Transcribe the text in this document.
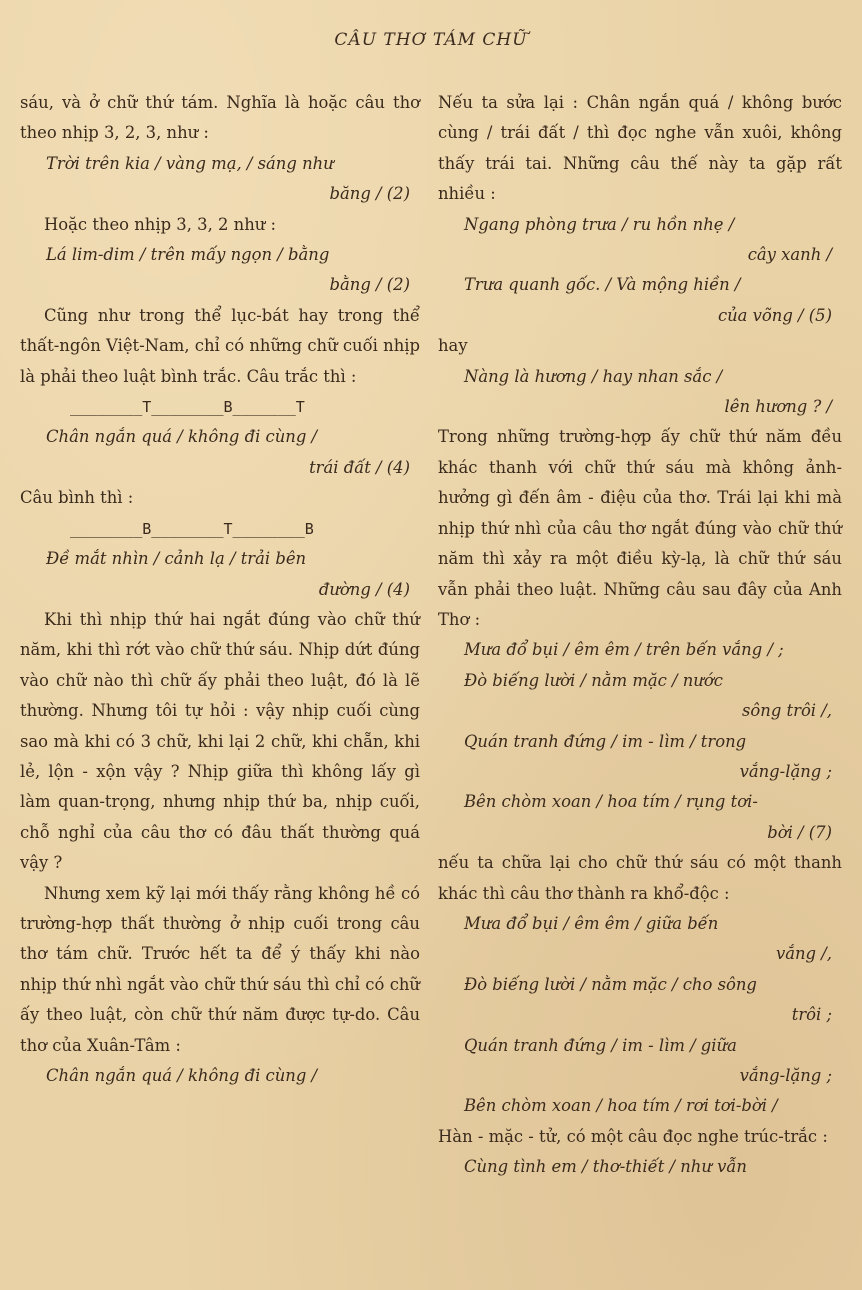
CÂU THƠ TÁM CHỮ

sáu, và ở chữ thứ tám. Nghĩa là hoặc câu thơ theo nhịp 3, 2, 3, như :

Trời trên kia / vàng mạ, / sáng như
băng / (2)

Hoặc theo nhịp 3, 3, 2 như :

Lá lim-dim / trên mấy ngọn / bằng
bằng / (2)

Cũng như trong thể lục-bát hay trong thể thất-ngôn Việt-Nam, chỉ có những chữ cuối nhịp là phải theo luật bình trắc. Câu trắc thì :

________T________B_______T

Chân ngắn quá / không đi cùng /
trái đất / (4)

Câu bình thì :

________B________T________B

Đề mắt nhìn / cảnh lạ / trải bên
đường / (4)

Khi thì nhịp thứ hai ngắt đúng vào chữ thứ năm, khi thì rớt vào chữ thứ sáu. Nhịp dứt đúng vào chữ nào thì chữ ấy phải theo luật, đó là lẽ thường. Nhưng tôi tự hỏi : vậy nhịp cuối cùng sao mà khi có 3 chữ, khi lại 2 chữ, khi chẵn, khi lẻ, lộn - xộn vậy ? Nhịp giữa thì không lấy gì làm quan-trọng, nhưng nhịp thứ ba, nhịp cuối, chỗ nghỉ của câu thơ có đâu thất thường quá vậy ?

Nhưng xem kỹ lại mới thấy rằng không hề có trường-hợp thất thường ở nhịp cuối trong câu thơ tám chữ. Trước hết ta để ý thấy khi nào nhịp thứ nhì ngắt vào chữ thứ sáu thì chỉ có chữ ấy theo luật, còn chữ thứ năm được tự-do. Câu thơ của Xuân-Tâm :

Chân ngắn quá / không đi cùng /

Nếu ta sửa lại : Chân ngắn quá / không bước cùng / trái đất / thì đọc nghe vẫn xuôi, không thấy trái tai. Những câu thế này ta gặp rất nhiều :

Ngang phòng trưa / ru hồn nhẹ /
cây xanh /
Trưa quanh gốc. / Và mộng hiền /
của võng / (5)

hay

Nàng là hương / hay nhan sắc /
lên hương ? /

Trong những trường-hợp ấy chữ thứ năm đều khác thanh với chữ thứ sáu mà không ảnh-hưởng gì đến âm - điệu của thơ. Trái lại khi mà nhịp thứ nhì của câu thơ ngắt đúng vào chữ thứ năm thì xảy ra một điều kỳ-lạ, là chữ thứ sáu vẫn phải theo luật. Những câu sau đây của Anh Thơ :

Mưa đổ bụi / êm êm / trên bến vắng / ;
Đò biếng lười / nằm mặc / nước
sông trôi /,
Quán tranh đứng / im - lìm / trong
vắng-lặng ;
Bên chòm xoan / hoa tím / rụng tơi-
bời / (7)

nếu ta chữa lại cho chữ thứ sáu có một thanh khác thì câu thơ thành ra khổ-độc :

Mưa đổ bụi / êm êm / giữa bến
vắng /,
Đò biếng lười / nằm mặc / cho sông
trôi ;
Quán tranh đứng / im - lìm / giữa
vắng-lặng ;
Bên chòm xoan / hoa tím / rơi tơi-bời /

Hàn - mặc - tử, có một câu đọc nghe trúc-trắc :

Cùng tình em / thơ-thiết / như vẫn
